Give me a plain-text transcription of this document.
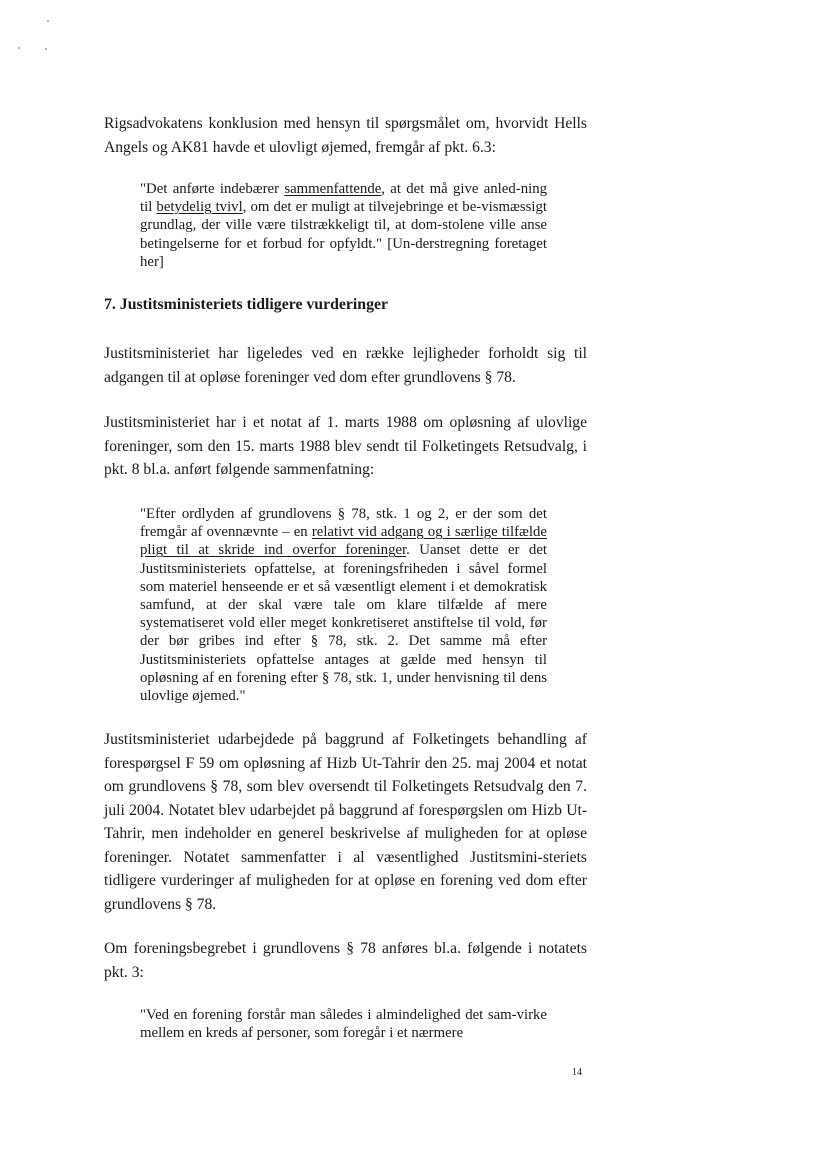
Rigsadvokatens konklusion med hensyn til spørgsmålet om, hvorvidt Hells Angels og AK81 havde et ulovligt øjemed, fremgår af pkt. 6.3:

"Det anførte indebærer sammenfattende, at det må give anled-ning til betydelig tvivl, om det er muligt at tilvejebringe et be-vismæssigt grundlag, der ville være tilstrækkeligt til, at dom-stolene ville anse betingelserne for et forbud for opfyldt." [Un-derstregning foretaget her]

7. Justitsministeriets tidligere vurderinger

Justitsministeriet har ligeledes ved en række lejligheder forholdt sig til adgangen til at opløse foreninger ved dom efter grundlovens § 78.

Justitsministeriet har i et notat af 1. marts 1988 om opløsning af ulovlige foreninger, som den 15. marts 1988 blev sendt til Folketingets Retsudvalg, i pkt. 8 bl.a. anført følgende sammenfatning:

"Efter ordlyden af grundlovens § 78, stk. 1 og 2, er der som det fremgår af ovennævnte – en relativt vid adgang og i særlige tilfælde pligt til at skride ind overfor foreninger. Uanset dette er det Justitsministeriets opfattelse, at foreningsfriheden i såvel formel som materiel henseende er et så væsentligt element i et demokratisk samfund, at der skal være tale om klare tilfælde af mere systematiseret vold eller meget konkretiseret anstiftelse til vold, før der bør gribes ind efter § 78, stk. 2. Det samme må efter Justitsministeriets opfattelse antages at gælde med hensyn til opløsning af en forening efter § 78, stk. 1, under henvisning til dens ulovlige øjemed."

Justitsministeriet udarbejdede på baggrund af Folketingets behandling af forespørgsel F 59 om opløsning af Hizb Ut-Tahrir den 25. maj 2004 et notat om grundlovens § 78, som blev oversendt til Folketingets Retsudvalg den 7. juli 2004. Notatet blev udarbejdet på baggrund af forespørgslen om Hizb Ut-Tahrir, men indeholder en generel beskrivelse af muligheden for at opløse foreninger. Notatet sammenfatter i al væsentlighed Justitsmini-steriets tidligere vurderinger af muligheden for at opløse en forening ved dom efter grundlovens § 78.

Om foreningsbegrebet i grundlovens § 78 anføres bl.a. følgende i notatets pkt. 3:

"Ved en forening forstår man således i almindelighed det sam-virke mellem en kreds af personer, som foregår i et nærmere

14
